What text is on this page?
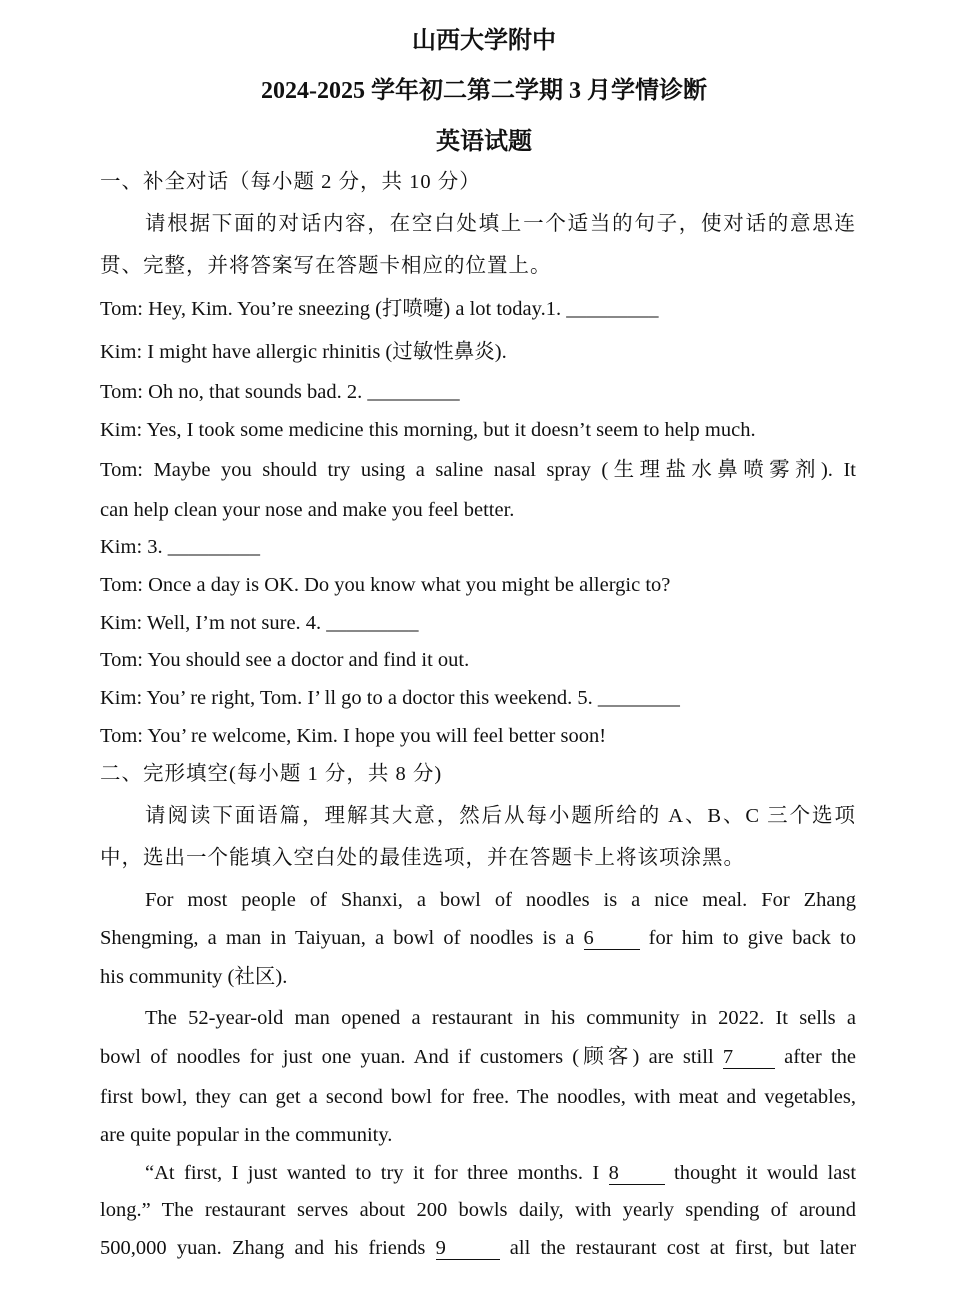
山西大学附中
2024-2025 学年初二第二学期 3 月学情诊断
英语试题
一、补全对话（每小题 2 分，共 10 分）
请根据下面的对话内容，在空白处填上一个适当的句子，使对话的意思连
贯、完整，并将答案写在答题卡相应的位置上。
Tom: Hey, Kim. You’re sneezing (打喷嚏) a lot today.1. _________
Kim: I might have allergic rhinitis (过敏性鼻炎).
Tom: Oh no, that sounds bad. 2. _________
Kim: Yes, I took some medicine this morning, but it doesn’t seem to help much.
Tom: Maybe you should try using a saline nasal spray (生理盐水鼻喷雾剂). It
can help clean your nose and make you feel better.
Kim: 3. _________
Tom: Once a day is OK. Do you know what you might be allergic to?
Kim: Well, I’m not sure. 4. _________
Tom: You should see a doctor and find it out.
Kim: You’ re right, Tom. I’ ll go to a doctor this weekend. 5. ________
Tom: You’ re welcome, Kim. I hope you will feel better soon!
二、完形填空(每小题 1 分，共 8 分)
请阅读下面语篇，理解其大意，然后从每小题所给的 A、B、C 三个选项
中，选出一个能填入空白处的最佳选项，并在答题卡上将该项涂黑。
For most people of Shanxi, a bowl of noodles is a nice meal. For Zhang
Shengming, a man in Taiyuan, a bowl of noodles is a 6	for him to give back to
his community (社区).
The 52-year-old man opened a restaurant in his community in 2022. It sells a
bowl of noodles for just one yuan. And if customers (顾客) are still 7 after the
first bowl, they can get a second bowl for free. The noodles, with meat and vegetables,
are quite popular in the community.
“At first, I just wanted to try it for three months. I 8	thought it would last
long.” The restaurant serves about 200 bowls daily, with yearly spending of around
500,000 yuan. Zhang and his friends 9	all the restaurant cost at first, but later
